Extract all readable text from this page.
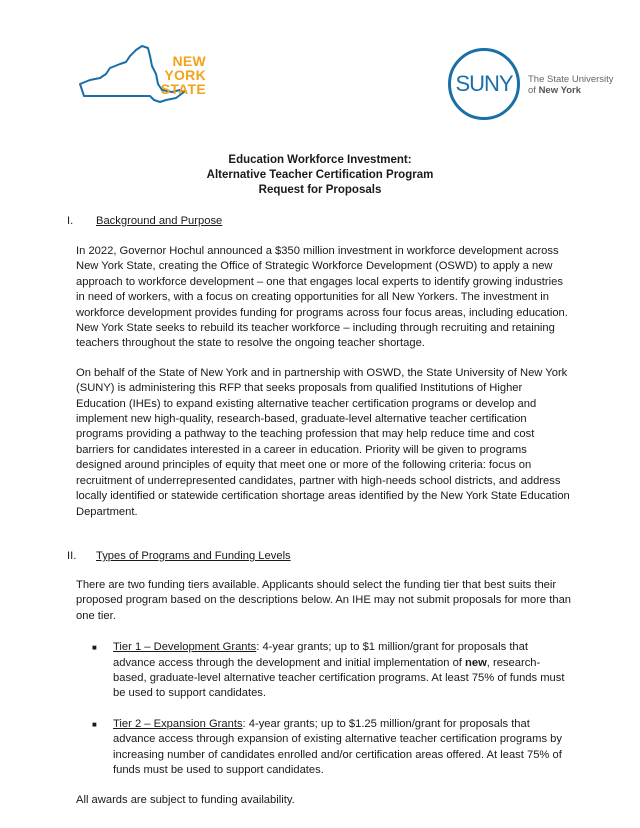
NEW
YORK
STATE	SUNY	The State University
of New York
Education Workforce Investment:
Alternative Teacher Certification Program
Request for Proposals
I. Background and Purpose

In 2022, Governor Hochul announced a $350 million investment in workforce development across New York State, creating the Office of Strategic Workforce Development (OSWD) to apply a new approach to workforce development – one that engages local experts to identify growing industries in need of workers, with a focus on creating opportunities for all New Yorkers. The investment in workforce development provides funding for programs across four focus areas, including education. New York State seeks to rebuild its teacher workforce – including through recruiting and retaining teachers throughout the state to resolve the ongoing teacher shortage.

On behalf of the State of New York and in partnership with OSWD, the State University of New York (SUNY) is administering this RFP that seeks proposals from qualified Institutions of Higher Education (IHEs) to expand existing alternative teacher certification programs or develop and implement new high-quality, research-based, graduate-level alternative teacher certification programs providing a pathway to the teaching profession that may help reduce time and cost barriers for candidates interested in a career in education. Priority will be given to programs designed around principles of equity that meet one or more of the following criteria: focus on recruitment of underrepresented candidates, partner with high-needs school districts, and address locally identified or statewide certification shortage areas identified by the New York State Education Department.

II. Types of Programs and Funding Levels

There are two funding tiers available. Applicants should select the funding tier that best suits their proposed program based on the descriptions below. An IHE may not submit proposals for more than one tier.

■ Tier 1 – Development Grants: 4-year grants; up to $1 million/grant for proposals that advance access through the development and initial implementation of new, research-based, graduate-level alternative teacher certification programs. At least 75% of funds must be used to support candidates.
■ Tier 2 – Expansion Grants: 4-year grants; up to $1.25 million/grant for proposals that advance access through expansion of existing alternative teacher certification programs by increasing number of candidates enrolled and/or certification areas offered. At least 75% of funds must be used to support candidates.

All awards are subject to funding availability.
